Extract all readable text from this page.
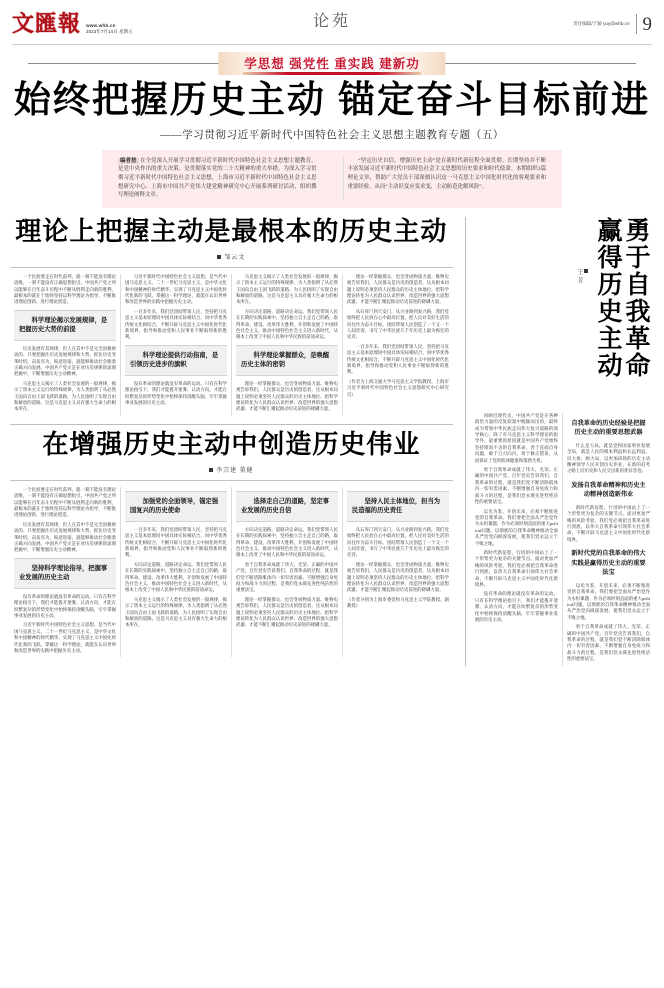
文匯報 www.whb.cn
2023年7月14日 星期五
论苑	责任编辑/于颖 yuy@whb.cn 9
学思想 强党性 重实践 建新功
始终把握历史主动 锚定奋斗目标前进
——学习贯彻习近平新时代中国特色社会主义思想主题教育专题（五）
编者按 在全党深入开展学习贯彻习近平新时代中国特色社会主义思想主题教育，是党中央作出的重大决策，是贯彻落实党的二十大精神的重大举措。为深入学习贯彻习近平新时代中国特色社会主义思想，上海市习近平新时代中国特色社会主义思想研究中心、上海市中国共产党伟大建党精神研究中心开展系列研讨活动，组织撰写理论阐释文章。
“坚定历史自信，增强历史主动”是在新时代新征程全面贯彻、长期坚持并不断丰富发展习近平新时代中国特色社会主义思想的历史要求和时代使命。本期组织3篇理论文章，帮助广大党员干部深刻认识这一马克思主义中国化时代化的客观要求和重要经验，从而“主动识变应变求变，主动防范化解风险”。
理论上把握主动是最根本的历史主动
邹云文

一个民族要走在时代前列，就一刻不能没有理论思维，一刻不能没有正确思想指引。中国共产党之所以能够在百年奋斗历程中不断从胜利走向新的胜利，最根本的就在于始终坚持以科学理论为指导，不断推进理论创新、进行理论创造。

科学理论揭示发展规律，是把握历史大势的前提

历史发展有其规律，但人在其中不是完全消极被动的。只要把握住历史发展规律和大势，抓住历史变革时机，奋发有为，锐意进取，就能够推动社会朝着正确方向发展。中国共产党正是在对历史规律的深刻把握中，不断增强历史主动精神。

马克思主义揭示了人类社会发展的一般规律，揭示了资本主义运行的特殊规律，为人类指明了从必然王国向自由王国飞跃的道路，为人民指明了实现自由和解放的道路。这是马克思主义具有强大生命力的根本所在。

习近平新时代中国特色社会主义思想，是当代中国马克思主义、二十一世纪马克思主义，是中华文化和中国精神的时代精华，实现了马克思主义中国化时代化新的飞跃。掌握这一科学理论，就能在认识世界和改造世界的实践中把握历史主动。

一百多年来，我们党团结带领人民，坚持把马克思主义基本原理同中国具体实际相结合、同中华优秀传统文化相结合，不断开辟马克思主义中国化时代化新境界，指导和推动党和人民事业不断取得新的胜利。

科学理论提供行动指南，是引领历史进步的旗帜

没有革命的理论就没有革命的运动。只有在科学理论指引下，我们才能拨开迷雾、认清方向，才能在纷繁复杂的形势变化中始终保持清醒头脑，牢牢掌握事业发展的历史主动。

马克思主义揭示了人类社会发展的一般规律，揭示了资本主义运行的特殊规律，为人类指明了从必然王国向自由王国飞跃的道路，为人民指明了实现自由和解放的道路。这是马克思主义具有强大生命力的根本所在。

方向决定道路，道路决定命运。我们党带领人民在长期的实践探索中，坚持独立自主走自己的路，取得革命、建设、改革伟大胜利，开创和发展了中国特色社会主义，推动中国特色社会主义进入新时代，从根本上改变了中国人民和中华民族的前途命运。

科学理论掌握群众，是唤醒历史主体的密钥

理论一经掌握群众，也会变成物质力量。唯物史观告诉我们，人民群众是历史的创造者，这从根本问题上说明必须坚持人民群众的历史主体地位。把科学理论转化为人民群众认识世界、改造世界的强大思想武器，才能不断汇聚起推动历史前进的磅礴力量。

理论一经掌握群众，也会变成物质力量。唯物史观告诉我们，人民群众是历史的创造者，这从根本问题上说明必须坚持人民群众的历史主体地位。把科学理论转化为人民群众认识世界、改造世界的强大思想武器，才能不断汇聚起推动历史前进的磅礴力量。

从石库门到天安门，从兴业路到复兴路，我们党始终把人民放在心中最高位置，把人民对美好生活的向往作为奋斗目标，团结带领人民创造了一个又一个人间奇迹，书写了中华民族几千年历史上最为恢宏的史诗。

一百多年来，我们党团结带领人民，坚持把马克思主义基本原理同中国具体实际相结合、同中华优秀传统文化相结合，不断开辟马克思主义中国化时代化新境界，指导和推动党和人民事业不断取得新的胜利。

（作者为上海交通大学马克思主义学院教授、上海市习近平新时代中国特色社会主义思想研究中心研究员）

在增强历史主动中创造历史伟业
李宗建 董健

一个民族要走在时代前列，就一刻不能没有理论思维，一刻不能没有正确思想指引。中国共产党之所以能够在百年奋斗历程中不断从胜利走向新的胜利，最根本的就在于始终坚持以科学理论为指导，不断推进理论创新、进行理论创造。

历史发展有其规律，但人在其中不是完全消极被动的。只要把握住历史发展规律和大势，抓住历史变革时机，奋发有为，锐意进取，就能够推动社会朝着正确方向发展。中国共产党正是在对历史规律的深刻把握中，不断增强历史主动精神。

坚持科学理论指导，把握事业发展的历史主动

没有革命的理论就没有革命的运动。只有在科学理论指引下，我们才能拨开迷雾、认清方向，才能在纷繁复杂的形势变化中始终保持清醒头脑，牢牢掌握事业发展的历史主动。

习近平新时代中国特色社会主义思想，是当代中国马克思主义、二十一世纪马克思主义，是中华文化和中国精神的时代精华，实现了马克思主义中国化时代化新的飞跃。掌握这一科学理论，就能在认识世界和改造世界的实践中把握历史主动。

加强党的全面领导，锚定强国复兴的历史使命

一百多年来，我们党团结带领人民，坚持把马克思主义基本原理同中国具体实际相结合、同中华优秀传统文化相结合，不断开辟马克思主义中国化时代化新境界，指导和推动党和人民事业不断取得新的胜利。

方向决定道路，道路决定命运。我们党带领人民在长期的实践探索中，坚持独立自主走自己的路，取得革命、建设、改革伟大胜利，开创和发展了中国特色社会主义，推动中国特色社会主义进入新时代，从根本上改变了中国人民和中华民族的前途命运。

马克思主义揭示了人类社会发展的一般规律，揭示了资本主义运行的特殊规律，为人类指明了从必然王国向自由王国飞跃的道路，为人民指明了实现自由和解放的道路。这是马克思主义具有强大生命力的根本所在。

选择走自己的道路，坚定事业发展的历史自信

方向决定道路，道路决定命运。我们党带领人民在长期的实践探索中，坚持独立自主走自己的路，取得革命、建设、改革伟大胜利，开创和发展了中国特色社会主义，推动中国特色社会主义进入新时代，从根本上改变了中国人民和中华民族的前途命运。

勇于自我革命成就了伟大、光荣、正确的中国共产党。百年党史告诉我们，自我革命的过程，就是我们党不断清除肌体内一切有害因素、不断增强自身免疫力和战斗力的过程，是我们党永葆先进性纯洁性的重要法宝。

理论一经掌握群众，也会变成物质力量。唯物史观告诉我们，人民群众是历史的创造者，这从根本问题上说明必须坚持人民群众的历史主体地位。把科学理论转化为人民群众认识世界、改造世界的强大思想武器，才能不断汇聚起推动历史前进的磅礴力量。

坚持人民主体地位，担当为民造福的历史责任

从石库门到天安门，从兴业路到复兴路，我们党始终把人民放在心中最高位置，把人民对美好生活的向往作为奋斗目标，团结带领人民创造了一个又一个人间奇迹，书写了中华民族几千年历史上最为恢宏的史诗。

理论一经掌握群众，也会变成物质力量。唯物史观告诉我们，人民群众是历史的创造者，这从根本问题上说明必须坚持人民群众的历史主体地位。把科学理论转化为人民群众认识世界、改造世界的强大思想武器，才能不断汇聚起推动历史前进的磅礴力量。

（作者分别为上海市委党校马克思主义学院教授、副教授）

王芳	勇于自我革命 赢得历史主动

回顾近现代史，中国共产党是在各种政治力量的反复较量中脱颖而出的，最终成为带领中华民族走向伟大复兴道路的领导核心，除了有马克思主义科学理论的指导外，最重要的原因就是中国共产党始终坚持锲而不舍的自我革命，善于直面自身问题，敢于刀刃向内，勇于修正错误，从而保证了党的肌体健康和蓬勃生机。

勇于自我革命成就了伟大、光荣、正确的中国共产党。百年党史告诉我们，自我革命的过程，就是我们党不断清除肌体内一切有害因素、不断增强自身免疫力和战斗力的过程，是我们党永葆先进性纯洁性的重要法宝。

以史为鉴、开创未来，必须不断推进党的自我革命。我们要把全面从严治党作为永恒课题、作为必须时刻直面的重大political问题，以彻底的自我革命精神推动全面从严治党向纵深发展，使我们党永远立于不败之地。

新时代新征程，行进的中国站上了一个形势更为复杂的关键节点。面对更加严峻的风险考验，我们党必须把自我革命进行到底，以伟大自我革命引领伟大社会革命，不断开辟马克思主义中国化时代化新境界。

没有革命的理论就没有革命的运动。只有在科学理论指引下，我们才能拨开迷雾、认清方向，才能在纷繁复杂的形势变化中始终保持清醒头脑，牢牢掌握事业发展的历史主动。

自我革命的历史经验是把握历史主动的重要思想武器

什么是大局，就是党和国家事业发展全局，就是人民的根本利益和长远利益。识大体、顾大局，以更加昂扬的历史主动精神领导人民开创历史伟业，在新的赶考之路上向历史和人民交出新的优异答卷。

发扬自我革命精神和历史主动精神创造新伟业

新时代新征程，行进的中国站上了一个形势更为复杂的关键节点。面对更加严峻的风险考验，我们党必须把自我革命进行到底，以伟大自我革命引领伟大社会革命，不断开辟马克思主义中国化时代化新境界。

新时代党的自我革命的伟大实践是赢得历史主动的重要法宝

以史为鉴、开创未来，必须不断推进党的自我革命。我们要把全面从严治党作为永恒课题、作为必须时刻直面的重大political问题，以彻底的自我革命精神推动全面从严治党向纵深发展，使我们党永远立于不败之地。

勇于自我革命成就了伟大、光荣、正确的中国共产党。百年党史告诉我们，自我革命的过程，就是我们党不断清除肌体内一切有害因素、不断增强自身免疫力和战斗力的过程，是我们党永葆先进性纯洁性的重要法宝。
